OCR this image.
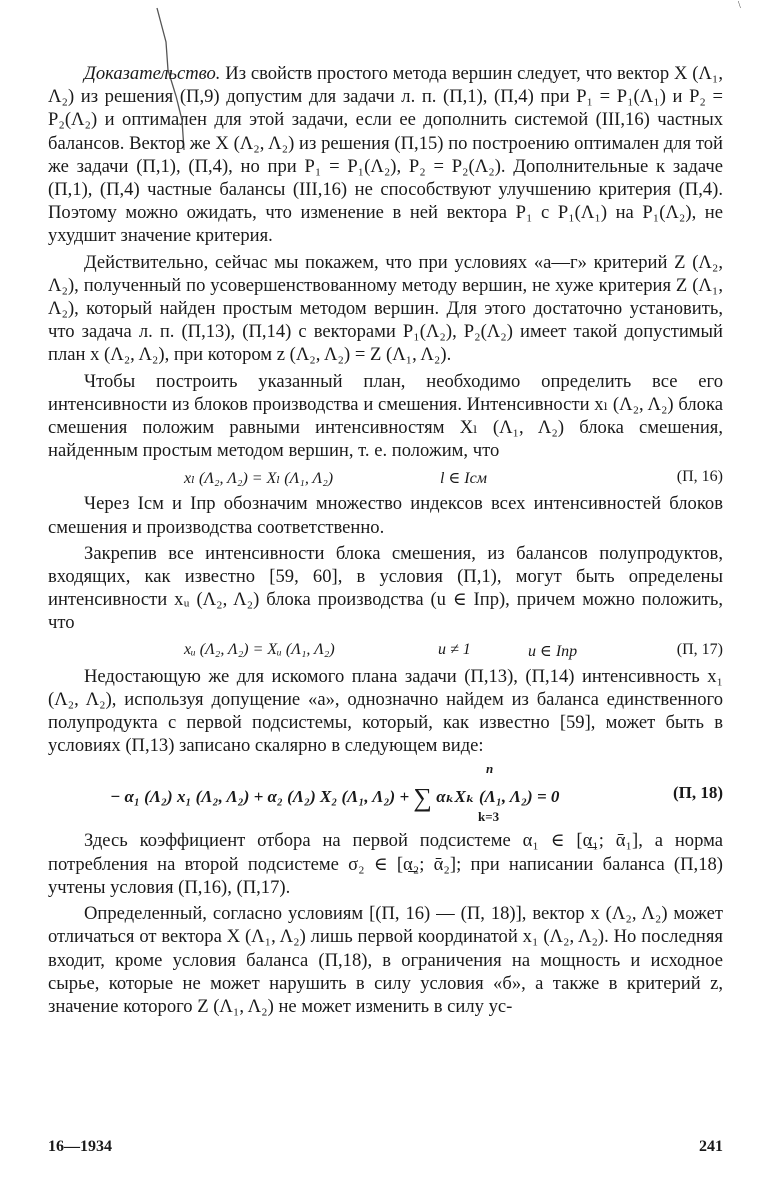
\

Доказательство. Из свойств простого метода вершин следует, что вектор X (Λ₁, Λ₂) из решения (П,9) допустим для задачи л. п. (П,1), (П,4) при P₁ = P₁(Λ₁) и P₂ = P₂(Λ₂) и оптимален для этой задачи, если ее дополнить системой (III,16) частных балансов. Вектор же X (Λ₂, Λ₂) из решения (П,15) по построению оптимален для той же задачи (П,1), (П,4), но при P₁ = P₁(Λ₂), P₂ = P₂(Λ₂). Дополнительные к задаче (П,1), (П,4) частные балансы (III,16) не способствуют улучшению критерия (П,4). Поэтому можно ожидать, что изменение в ней вектора P₁ с P₁(Λ₁) на P₁(Λ₂), не ухудшит значение критерия.

Действительно, сейчас мы покажем, что при условиях «а—г» критерий Z (Λ₂, Λ₂), полученный по усовершенствованному методу вершин, не хуже критерия Z (Λ₁, Λ₂), который найден простым методом вершин. Для этого достаточно установить, что задача л. п. (П,13), (П,14) с векторами P₁(Λ₂), P₂(Λ₂) имеет такой допустимый план x (Λ₂, Λ₂), при котором z (Λ₂, Λ₂) = Z (Λ₁, Λ₂).

Чтобы построить указанный план, необходимо определить все его интенсивности из блоков производства и смешения. Интенсивности xₗ (Λ₂, Λ₂) блока смешения положим равными интенсивностям Xₗ (Λ₁, Λ₂) блока смешения, найденным простым методом вершин, т. е. положим, что

xₗ (Λ₂, Λ₂) = Xₗ (Λ₁, Λ₂)	l ∈ Iсм	(П, 16)

Через Iсм и Iпр обозначим множество индексов всех интенсивностей блоков смешения и производства соответственно.

Закрепив все интенсивности блока смешения, из балансов полупродуктов, входящих, как известно [59, 60], в условия (П,1), могут быть определены интенсивности xᵤ (Λ₂, Λ₂) блока производства (u ∈ Iпр), причем можно положить, что

xᵤ (Λ₂, Λ₂) = Xᵤ (Λ₁, Λ₂)	u ≠ 1	u ∈ Iпр	(П, 17)

Недостающую же для искомого плана задачи (П,13), (П,14) интенсивность x₁ (Λ₂, Λ₂), используя допущение «а», однозначно найдем из баланса единственного полупродукта с первой подсистемы, который, как известно [59], может быть в условиях (П,13) записано скалярно в следующем виде:

n
− α₁ (Λ₂) x₁ (Λ₂, Λ₂) + α₂ (Λ₂) X₂ (Λ₁, Λ₂) + ∑ αₖXₖ (Λ₁, Λ₂) = 0
k=3
(П, 18)

Здесь коэффициент отбора на первой подсистеме α₁ ∈ [α̲₁; ᾱ₁], а норма потребления на второй подсистеме σ₂ ∈ [α̲₂; ᾱ₂]; при написании баланса (П,18) учтены условия (П,16), (П,17).

Определенный, согласно условиям [(П, 16) — (П, 18)], вектор x (Λ₂, Λ₂) может отличаться от вектора X (Λ₁, Λ₂) лишь первой координатой x₁ (Λ₂, Λ₂). Но последняя входит, кроме условия баланса (П,18), в ограничения на мощность и исходное сырье, которые не может нарушить в силу условия «б», а также в критерий z, значение которого Z (Λ₁, Λ₂) не может изменить в силу ус-

16—1934	241
